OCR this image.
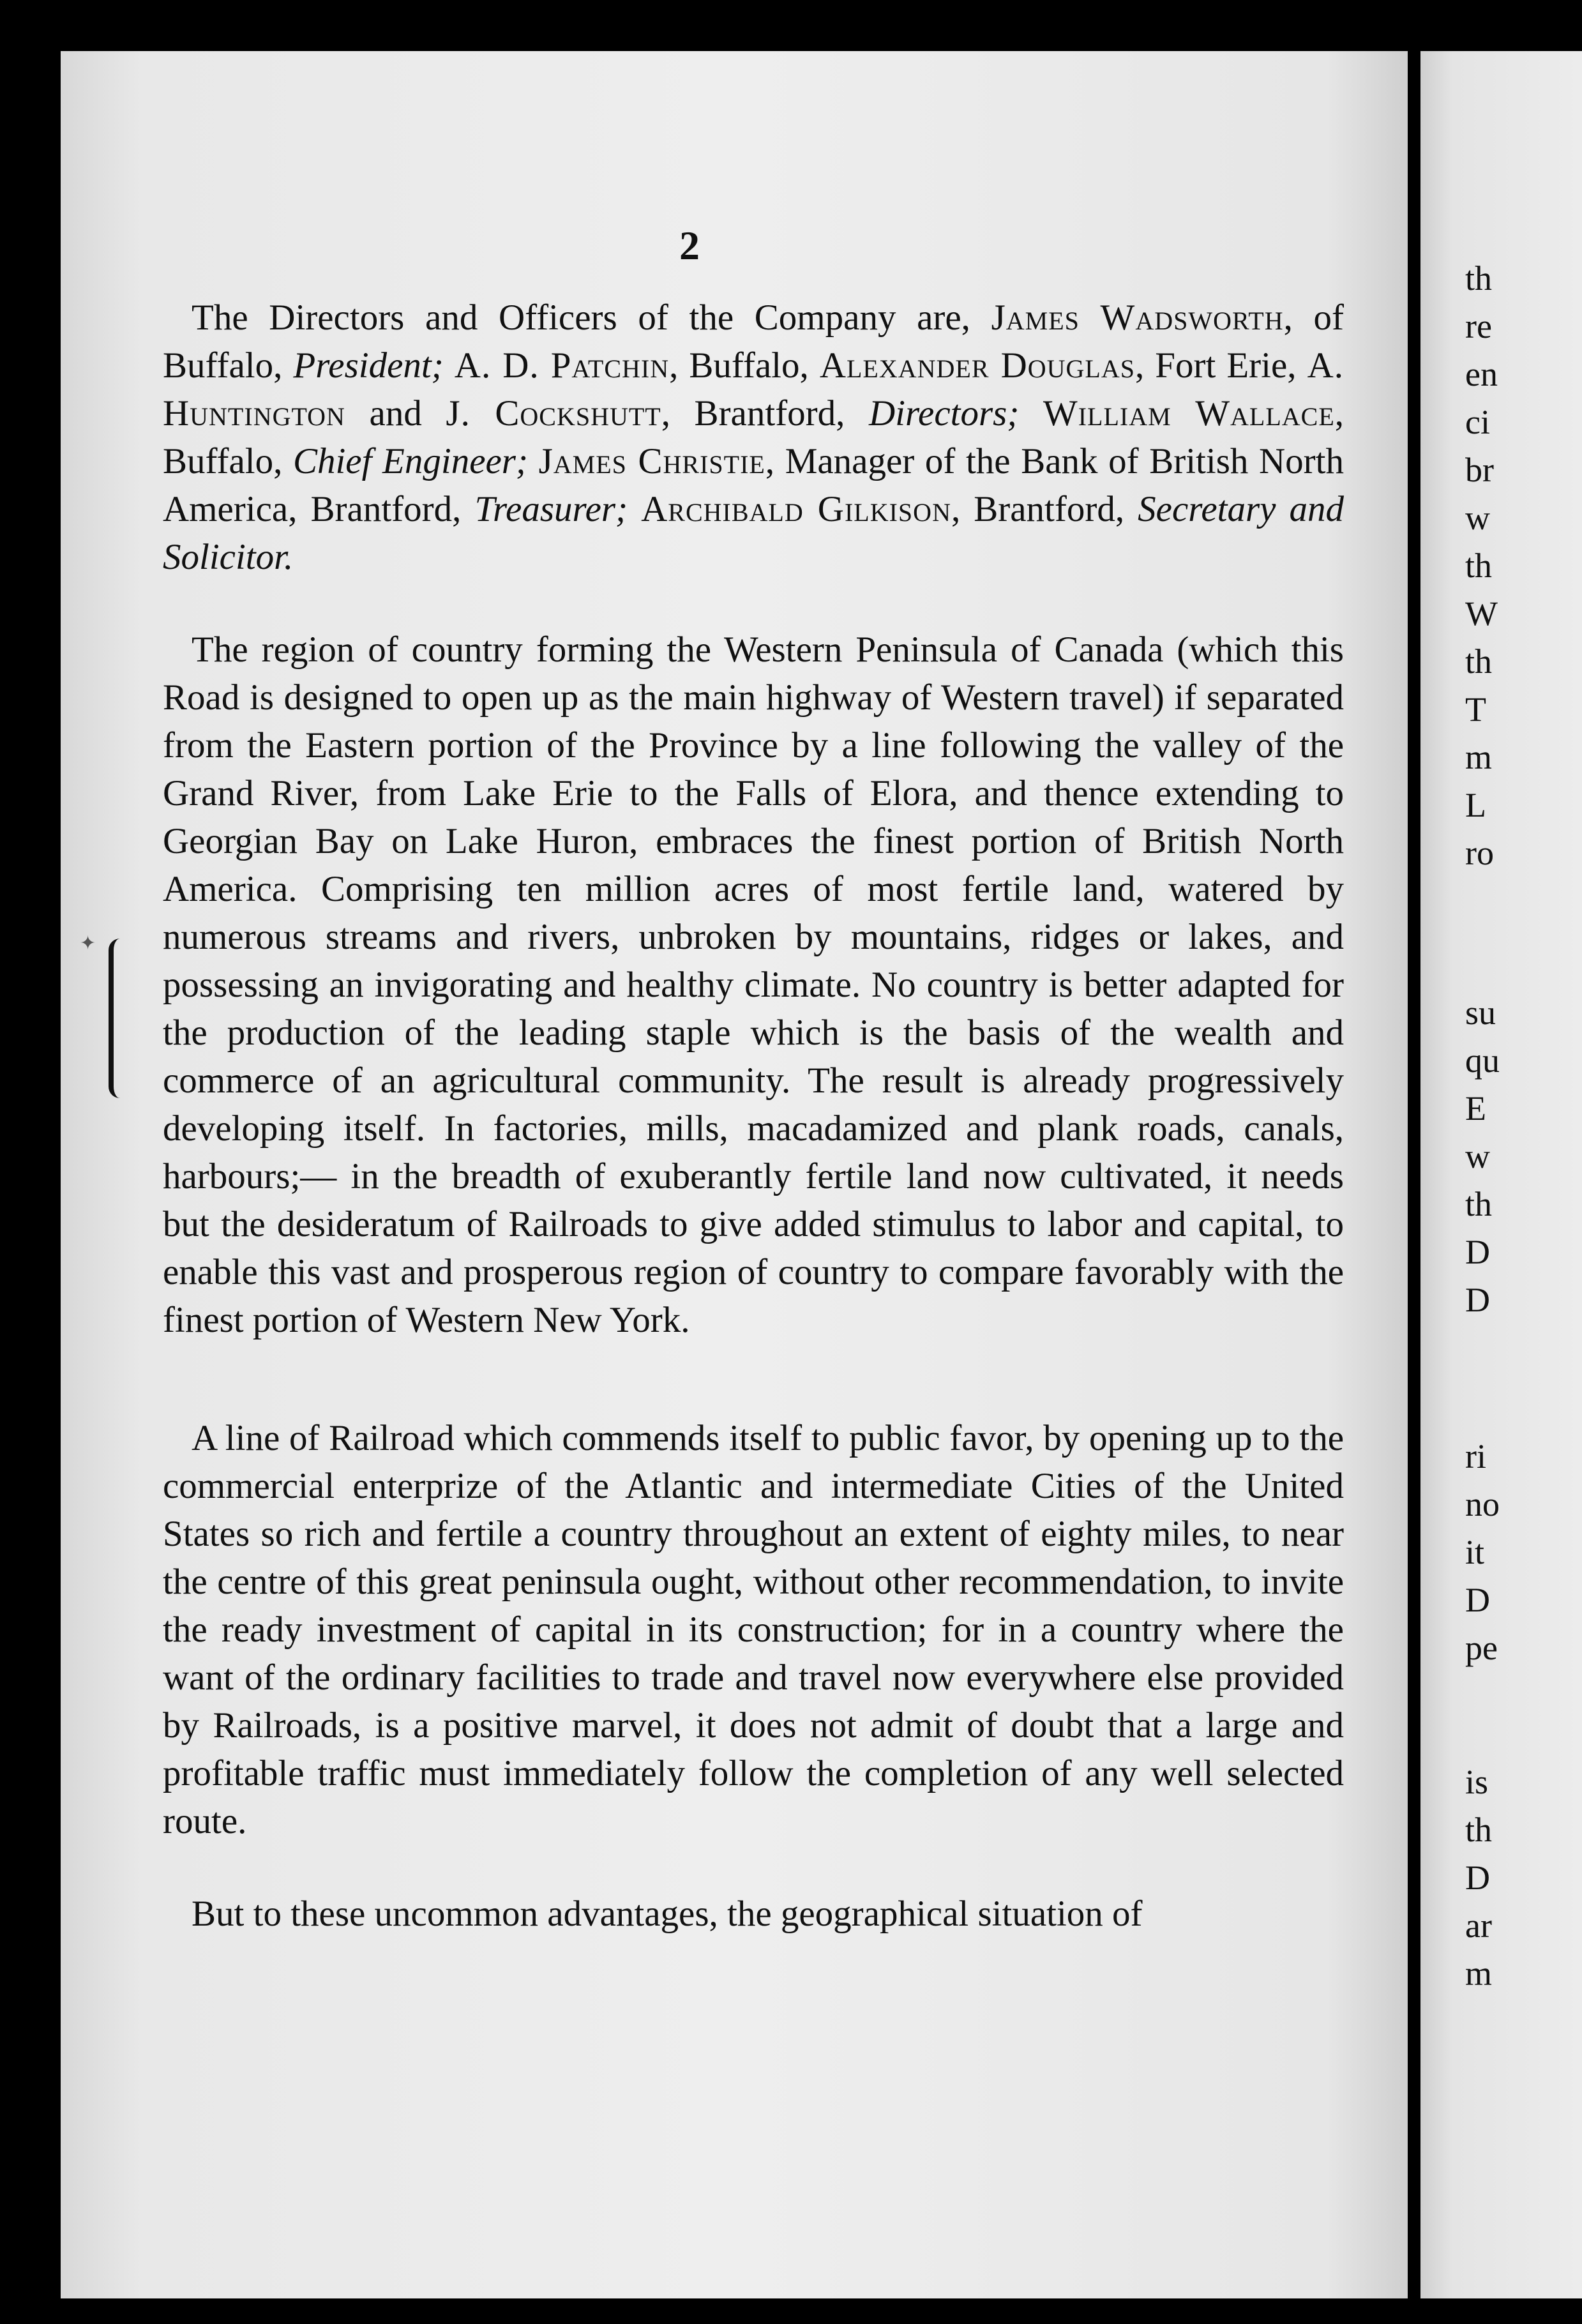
2
✦

The Directors and Officers of the Company are, James Wadsworth, of Buffalo, President; A. D. Patchin, Buffalo, Alexander Douglas, Fort Erie, A. Huntington and J. Cockshutt, Brantford, Directors; William Wallace, Buffalo, Chief Engineer; James Christie, Manager of the Bank of British North America, Brantford, Treasurer; Archibald Gilkison, Brantford, Secretary and Solicitor.

The region of country forming the Western Peninsula of Canada (which this Road is designed to open up as the main highway of Western travel) if separated from the Eastern portion of the Province by a line following the valley of the Grand River, from Lake Erie to the Falls of Elora, and thence extending to Georgian Bay on Lake Huron, embraces the finest portion of British North America. Comprising ten million acres of most fertile land, watered by numerous streams and rivers, unbroken by mountains, ridges or lakes, and possessing an invigorating and healthy climate. No country is better adapted for the production of the leading staple which is the basis of the wealth and commerce of an agricultural community. The result is already progressively developing itself. In factories, mills, macadamized and plank roads, canals, harbours;— in the breadth of exuberantly fertile land now cultivated, it needs but the desideratum of Railroads to give added stimulus to labor and capital, to enable this vast and prosperous region of country to compare favorably with the finest portion of Western New York.

A line of Railroad which commends itself to public favor, by opening up to the commercial enterprize of the Atlantic and intermediate Cities of the United States so rich and fertile a country throughout an extent of eighty miles, to near the centre of this great peninsula ought, without other recommendation, to invite the ready investment of capital in its construction; for in a country where the want of the ordinary facilities to trade and travel now everywhere else provided by Railroads, is a positive marvel, it does not admit of doubt that a large and profitable traffic must immediately follow the completion of any well selected route.

But to these uncommon advantages, the geographical situation of

th
re
en
ci
br
w
th
W
th
T
m
L
ro
su
qu
E
w
th
D
D
ri
no
it
D
pe
is
th
D
ar
m
